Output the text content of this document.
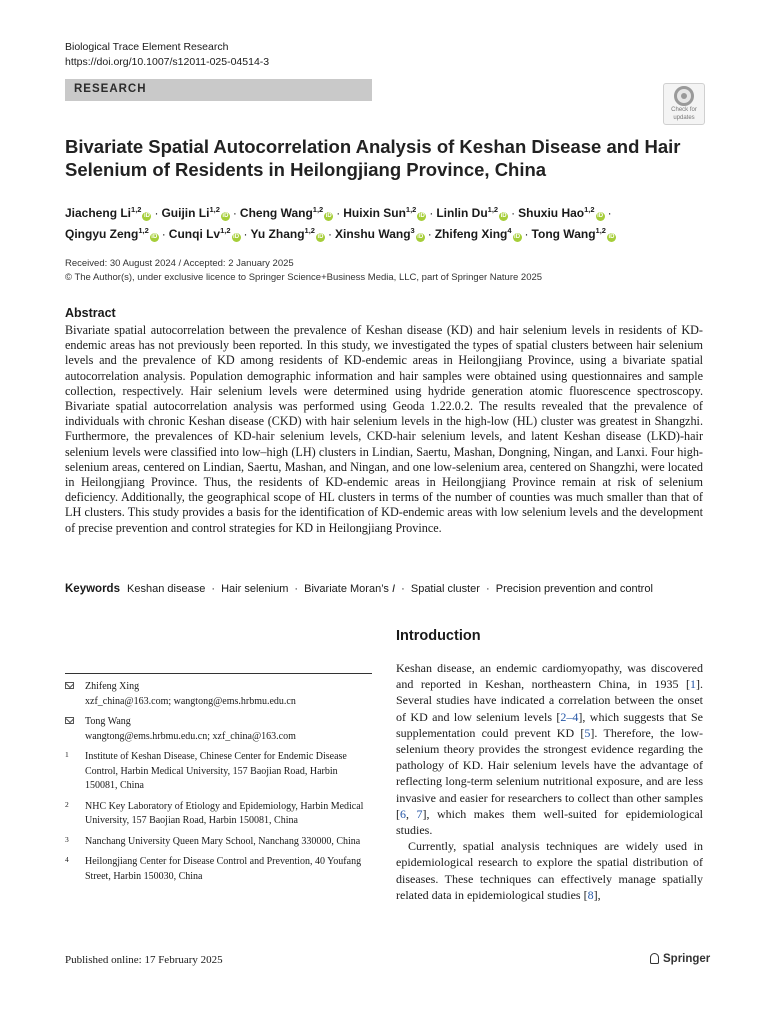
Biological Trace Element Research
https://doi.org/10.1007/s12011-025-04514-3
RESEARCH
Check for
updates
Bivariate Spatial Autocorrelation Analysis of Keshan Disease and Hair Selenium of Residents in Heilongjiang Province, China
Jiacheng Li$^{1,2}$iD · Guijin Li$^{1,2}$iD · Cheng Wang$^{1,2}$iD · Huixin Sun$^{1,2}$iD · Linlin Du$^{1,2}$iD · Shuxiu Hao$^{1,2}$iD ·
Qingyu Zeng$^{1,2}$iD · Cunqi Lv$^{1,2}$iD · Yu Zhang$^{1,2}$iD · Xinshu Wang$^3$iD · Zhifeng Xing$^4$iD · Tong Wang$^{1,2}$iD
Received: 30 August 2024 / Accepted: 2 January 2025
© The Author(s), under exclusive licence to Springer Science+Business Media, LLC, part of Springer Nature 2025
Abstract
Bivariate spatial autocorrelation between the prevalence of Keshan disease (KD) and hair selenium levels in residents of KD-endemic areas has not previously been reported. In this study, we investigated the types of spatial clusters between hair selenium levels and the prevalence of KD among residents of KD-endemic areas in Heilongjiang Province, using a bivariate spatial autocorrelation analysis. Population demographic information and hair samples were obtained using questionnaires and sample collection, respectively. Hair selenium levels were determined using hydride generation atomic fluorescence spectroscopy. Bivariate spatial autocorrelation analysis was performed using Geoda 1.22.0.2. The results revealed that the prevalence of individuals with chronic Keshan disease (CKD) with hair selenium levels in the high-low (HL) cluster was greatest in Shangzhi. Furthermore, the prevalences of KD-hair selenium levels, CKD-hair selenium levels, and latent Keshan disease (LKD)-hair selenium levels were classified into low–high (LH) clusters in Lindian, Saertu, Mashan, Dongning, Ningan, and Lanxi. Four high-selenium areas, centered on Lindian, Saertu, Mashan, and Ningan, and one low-selenium area, centered on Shangzhi, were located in Heilongjiang Province. Thus, the residents of KD-endemic areas in Heilongjiang Province remain at risk of selenium deficiency. Additionally, the geographical scope of HL clusters in terms of the number of counties was much smaller than that of LH clusters. This study provides a basis for the identification of KD-endemic areas with low selenium levels and the development of precise prevention and control strategies for KD in Heilongjiang Province.
Keywords Keshan disease · Hair selenium · Bivariate Moran’s I · Spatial cluster · Precision prevention and control
Introduction

Keshan disease, an endemic cardiomyopathy, was discovered and reported in Keshan, northeastern China, in 1935 [1]. Several studies have indicated a correlation between the onset of KD and low selenium levels [2–4], which suggests that Se supplementation could prevent KD [5]. Therefore, the low-selenium theory provides the strongest evidence regarding the pathology of KD. Hair selenium levels have the advantage of reflecting long-term selenium nutritional exposure, and are less invasive and easier for researchers to collect than other samples [6, 7], which makes them well-suited for epidemiological studies.

Currently, spatial analysis techniques are widely used in epidemiological research to explore the spatial distribution of diseases. These techniques can effectively manage spatially related data in epidemiological studies [8],

Zhifeng Xing
xzf_china@163.com; wangtong@ems.hrbmu.edu.cn
Tong Wang
wangtong@ems.hrbmu.edu.cn; xzf_china@163.com
1 Institute of Keshan Disease, Chinese Center for Endemic Disease Control, Harbin Medical University, 157 Baojian Road, Harbin 150081, China
2 NHC Key Laboratory of Etiology and Epidemiology, Harbin Medical University, 157 Baojian Road, Harbin 150081, China
3 Nanchang University Queen Mary School, Nanchang 330000, China
4 Heilongjiang Center for Disease Control and Prevention, 40 Youfang Street, Harbin 150030, China
Published online: 17 February 2025	Springer
